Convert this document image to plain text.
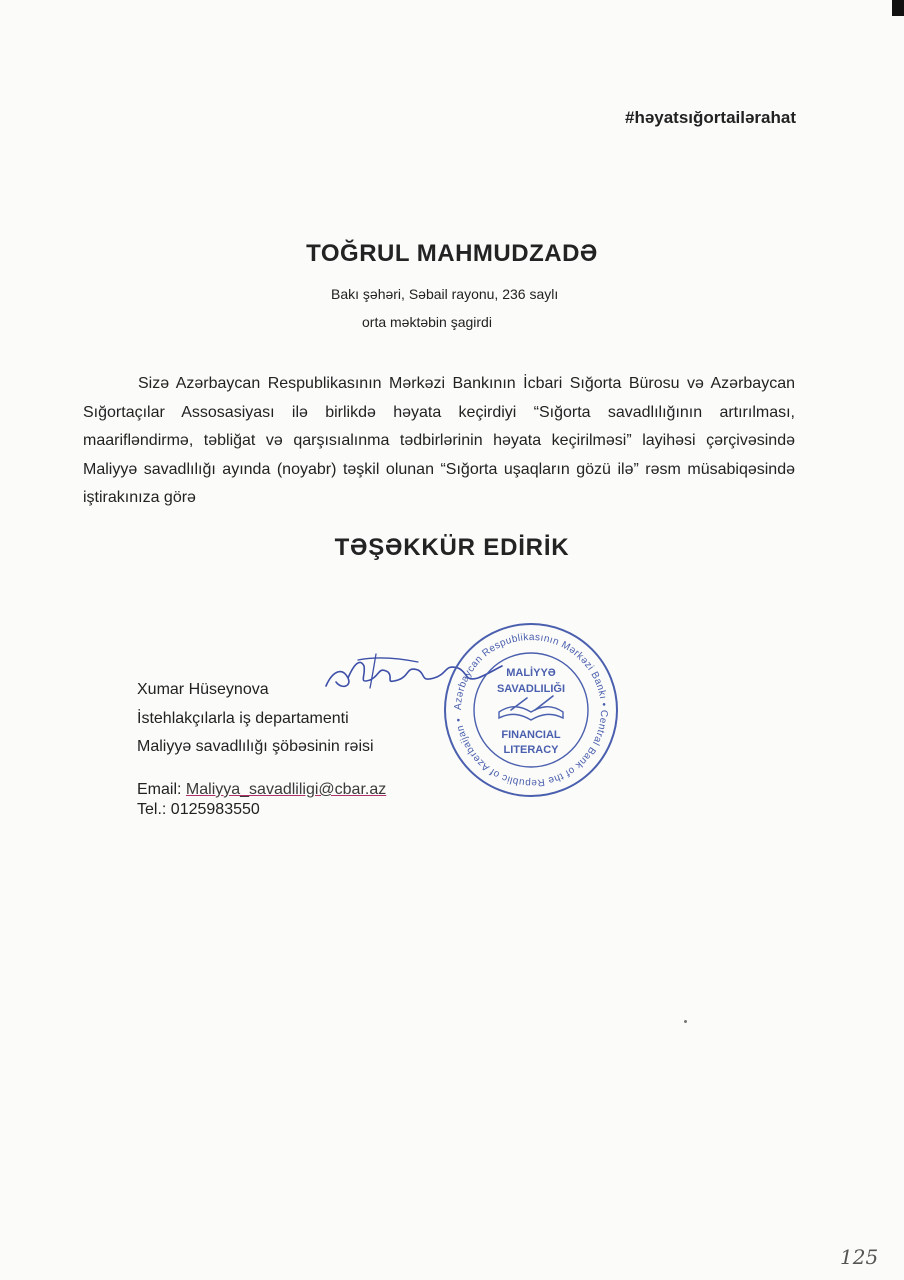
#həyatsığortailərahat
TOĞRUL MAHMUDZADƏ
Bakı şəhəri, Səbail rayonu, 236 saylı
orta məktəbin şagirdi
Sizə Azərbaycan Respublikasının Mərkəzi Bankının İcbari Sığorta Bürosu və Azərbaycan Sığortaçılar Assosasiyası ilə birlikdə həyata keçirdiyi “Sığorta savadlılığının artırılması, maarifləndirmə, təbliğat və qarşısıalınma tədbirlərinin həyata keçirilməsi” layihəsi çərçivəsində Maliyyə savadlılığı ayında (noyabr) təşkil olunan “Sığorta uşaqların gözü ilə” rəsm müsabiqəsində iştirakınıza görə
TƏŞƏKKÜR EDİRİK
Xumar Hüseynova
İstehlakçılarla iş departamenti
Maliyyə savadlılığı şöbəsinin rəisi
Email: Maliyya_savadliligi@cbar.az
Tel.: 0125983550
Azərbaycan Respublikasının Mərkəzi Bankı • Central Bank of the Republic of Azerbaijan •
MALİYYƏ
SAVADLILIĞI
FINANCIAL
LITERACY
125
